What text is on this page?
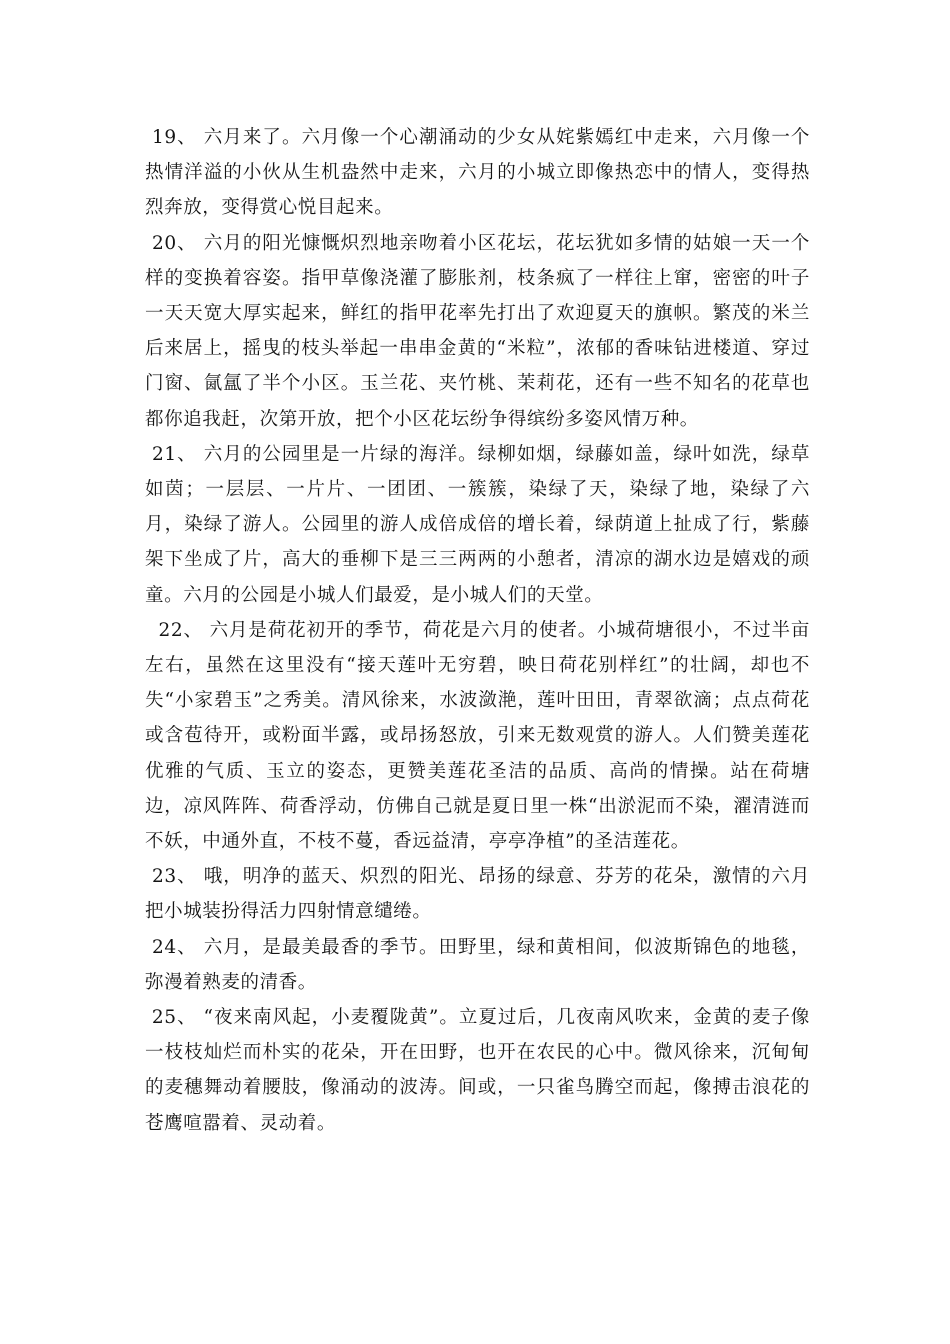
19、 六月来了。六月像一个心潮涌动的少女从姹紫嫣红中走来，六月像一个热情洋溢的小伙从生机盎然中走来，六月的小城立即像热恋中的情人，变得热烈奔放，变得赏心悦目起来。

20、 六月的阳光慷慨炽烈地亲吻着小区花坛，花坛犹如多情的姑娘一天一个样的变换着容姿。指甲草像浇灌了膨胀剂，枝条疯了一样往上窜，密密的叶子一天天宽大厚实起来，鲜红的指甲花率先打出了欢迎夏天的旗帜。繁茂的米兰后来居上，摇曳的枝头举起一串串金黄的“米粒”，浓郁的香味钻进楼道、穿过门窗、氤氲了半个小区。玉兰花、夹竹桃、茉莉花，还有一些不知名的花草也都你追我赶，次第开放，把个小区花坛纷争得缤纷多姿风情万种。

21、 六月的公园里是一片绿的海洋。绿柳如烟，绿藤如盖，绿叶如洗，绿草如茵；一层层、一片片、一团团、一簇簇，染绿了天，染绿了地，染绿了六月，染绿了游人。公园里的游人成倍成倍的增长着，绿荫道上扯成了行，紫藤架下坐成了片，高大的垂柳下是三三两两的小憩者，清凉的湖水边是嬉戏的顽童。六月的公园是小城人们最爱，是小城人们的天堂。

22、 六月是荷花初开的季节，荷花是六月的使者。小城荷塘很小，不过半亩左右，虽然在这里没有“接天莲叶无穷碧，映日荷花别样红”的壮阔，却也不失“小家碧玉”之秀美。清风徐来，水波潋滟，莲叶田田，青翠欲滴；点点荷花或含苞待开，或粉面半露，或昂扬怒放，引来无数观赏的游人。人们赞美莲花优雅的气质、玉立的姿态，更赞美莲花圣洁的品质、高尚的情操。站在荷塘边，凉风阵阵、荷香浮动，仿佛自己就是夏日里一株“出淤泥而不染，濯清涟而不妖，中通外直，不枝不蔓，香远益清，亭亭净植”的圣洁莲花。

23、 哦，明净的蓝天、炽烈的阳光、昂扬的绿意、芬芳的花朵，激情的六月把小城装扮得活力四射情意缱绻。

24、 六月，是最美最香的季节。田野里，绿和黄相间，似波斯锦色的地毯，弥漫着熟麦的清香。

25、 “夜来南风起，小麦覆陇黄”。立夏过后，几夜南风吹来，金黄的麦子像一枝枝灿烂而朴实的花朵，开在田野，也开在农民的心中。微风徐来，沉甸甸的麦穗舞动着腰肢，像涌动的波涛。间或，一只雀鸟腾空而起，像搏击浪花的苍鹰喧嚣着、灵动着。
